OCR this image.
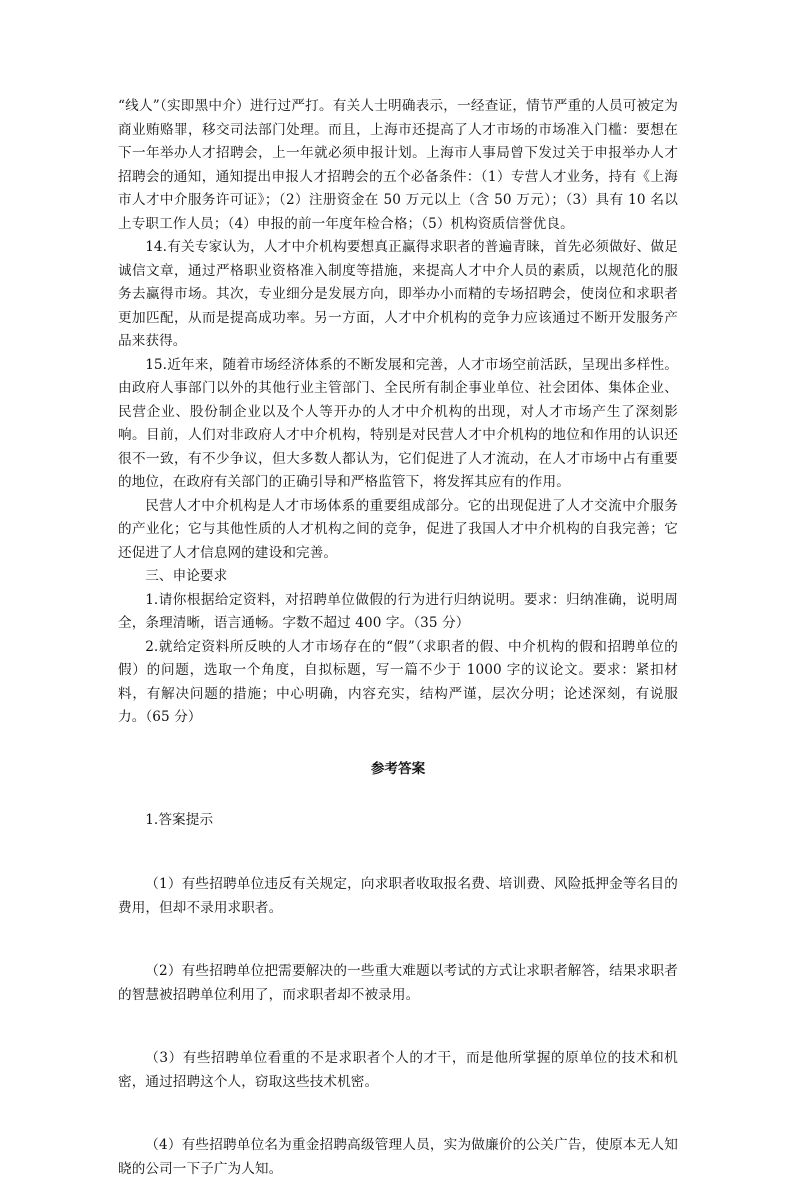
“线人”（实即黑中介）进行过严打。有关人士明确表示，一经查证，情节严重的人员可被定为商业贿赂罪，移交司法部门处理。而且，上海市还提高了人才市场的市场准入门槛：要想在下一年举办人才招聘会，上一年就必须申报计划。上海市人事局曾下发过关于申报举办人才招聘会的通知，通知提出申报人才招聘会的五个必备条件：（1）专营人才业务，持有《上海市人才中介服务许可证》；（2）注册资金在 50 万元以上（含 50 万元）；（3）具有 10 名以上专职工作人员；（4）申报的前一年度年检合格；（5）机构资质信誉优良。

14.有关专家认为，人才中介机构要想真正赢得求职者的普遍青睐，首先必须做好、做足诚信文章，通过严格职业资格准入制度等措施，来提高人才中介人员的素质，以规范化的服务去赢得市场。其次，专业细分是发展方向，即举办小而精的专场招聘会，使岗位和求职者更加匹配，从而是提高成功率。另一方面，人才中介机构的竞争力应该通过不断开发服务产品来获得。

15.近年来，随着市场经济体系的不断发展和完善，人才市场空前活跃，呈现出多样性。由政府人事部门以外的其他行业主管部门、全民所有制企事业单位、社会团体、集体企业、民营企业、股份制企业以及个人等开办的人才中介机构的出现，对人才市场产生了深刻影响。目前，人们对非政府人才中介机构，特别是对民营人才中介机构的地位和作用的认识还很不一致，有不少争议，但大多数人都认为，它们促进了人才流动，在人才市场中占有重要的地位，在政府有关部门的正确引导和严格监管下，将发挥其应有的作用。

民营人才中介机构是人才市场体系的重要组成部分。它的出现促进了人才交流中介服务的产业化；它与其他性质的人才机构之间的竞争，促进了我国人才中介机构的自我完善；它还促进了人才信息网的建设和完善。

三、申论要求

1.请你根据给定资料，对招聘单位做假的行为进行归纳说明。要求：归纳准确，说明周全，条理清晰，语言通畅。字数不超过 400 字。（35 分）

2.就给定资料所反映的人才市场存在的“假”（求职者的假、中介机构的假和招聘单位的假）的问题，选取一个角度，自拟标题，写一篇不少于 1000 字的议论文。要求：紧扣材料，有解决问题的措施；中心明确，内容充实，结构严谨，层次分明；论述深刻，有说服力。（65 分）

参考答案

1.答案提示

（1）有些招聘单位违反有关规定，向求职者收取报名费、培训费、风险抵押金等名目的费用，但却不录用求职者。

（2）有些招聘单位把需要解决的一些重大难题以考试的方式让求职者解答，结果求职者的智慧被招聘单位利用了，而求职者却不被录用。

（3）有些招聘单位看重的不是求职者个人的才干，而是他所掌握的原单位的技术和机密，通过招聘这个人，窃取这些技术机密。

（4）有些招聘单位名为重金招聘高级管理人员，实为做廉价的公关广告，使原本无人知晓的公司一下子广为人知。
